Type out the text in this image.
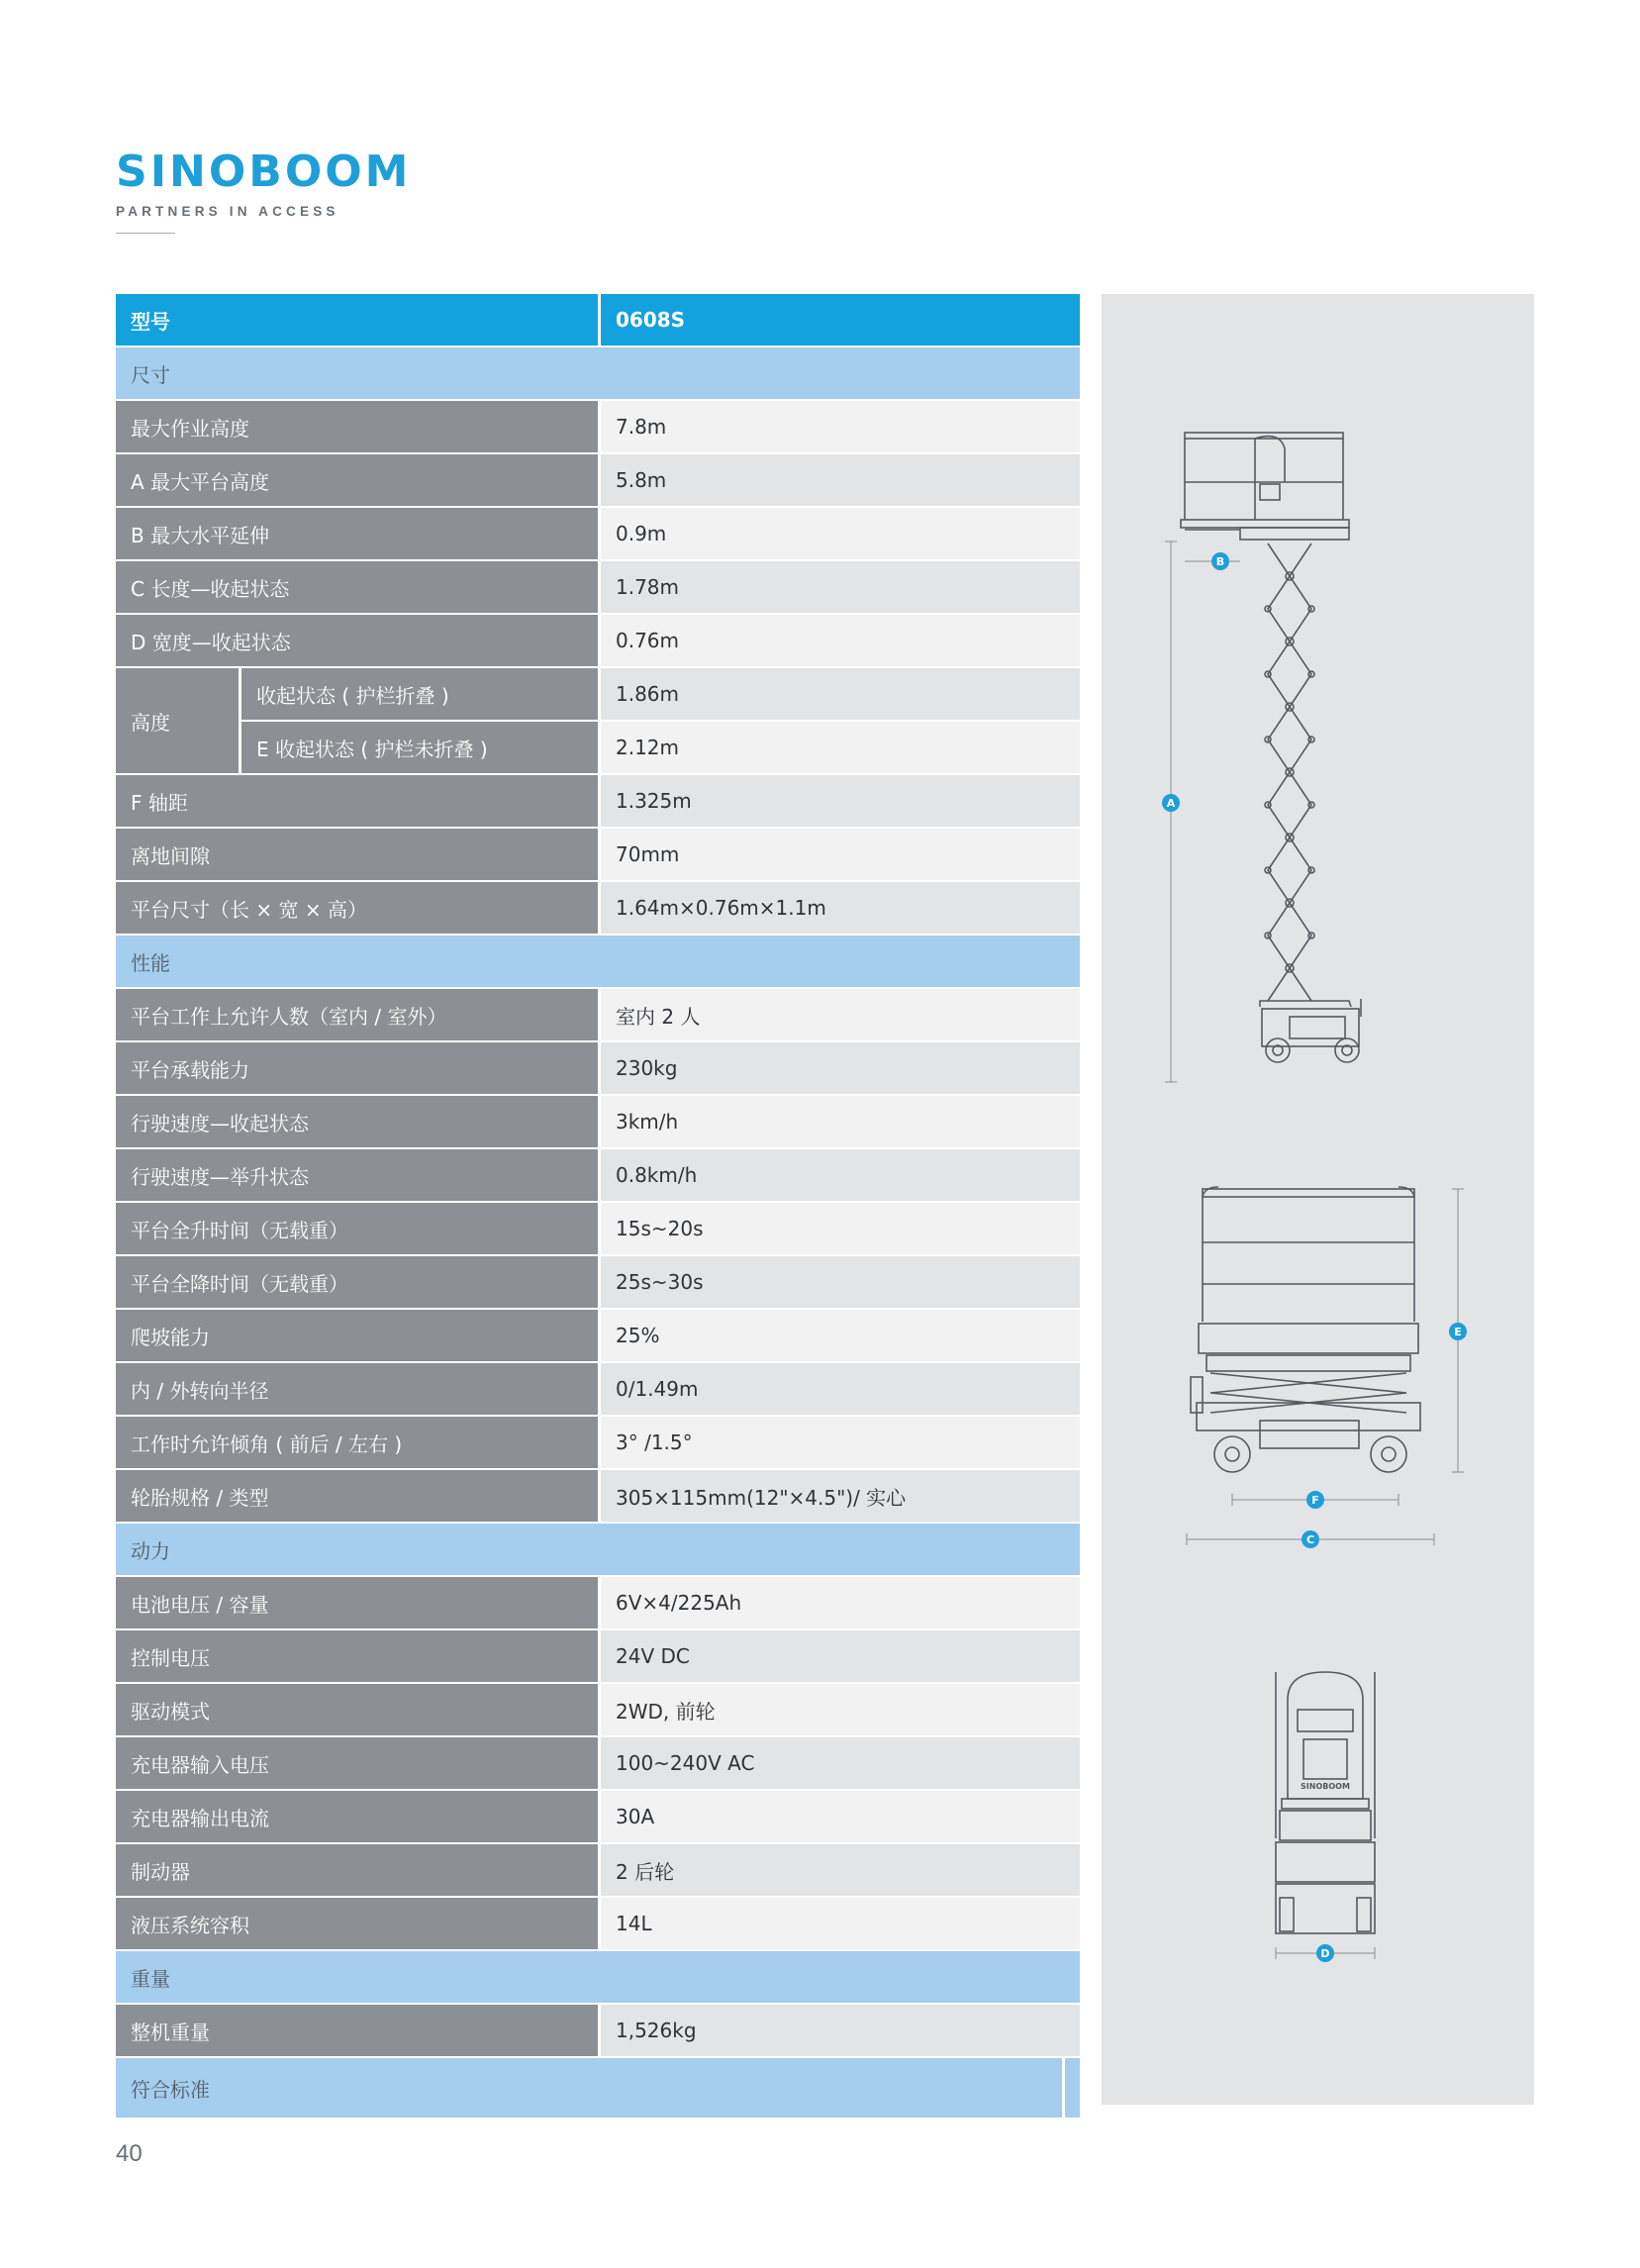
SINOBOOM
PARTNERS IN ACCESS
型号	0608S
尺寸
最大作业高度	7.8m
A 最大平台高度	5.8m
B 最大水平延伸	0.9m
C 长度—收起状态	1.78m
D 宽度—收起状态	0.76m
高度
收起状态 ( 护栏折叠 )	1.86m
E 收起状态 ( 护栏未折叠 )	2.12m
F 轴距	1.325m
离地间隙	70mm
平台尺寸（长 × 宽 × 高）	1.64m×0.76m×1.1m
性能
平台工作上允许人数（室内 / 室外）	室内 2 人
平台承载能力	230kg
行驶速度—收起状态	3km/h
行驶速度—举升状态	0.8km/h
平台全升时间（无载重）	15s~20s
平台全降时间（无载重）	25s~30s
爬坡能力	25%
内 / 外转向半径	0/1.49m
工作时允许倾角 ( 前后 / 左右 )	3° /1.5°
轮胎规格 / 类型	305×115mm(12"×4.5")/ 实心
动力
电池电压 / 容量	6V×4/225Ah
控制电压	24V DC
驱动模式	2WD, 前轮
充电器输入电压	100~240V AC
充电器输出电流	30A
制动器	2 后轮
液压系统容积	14L
重量
整机重量	1,526kg
符合标准
SINOBOOM
A
B
E
F
C
D
40
